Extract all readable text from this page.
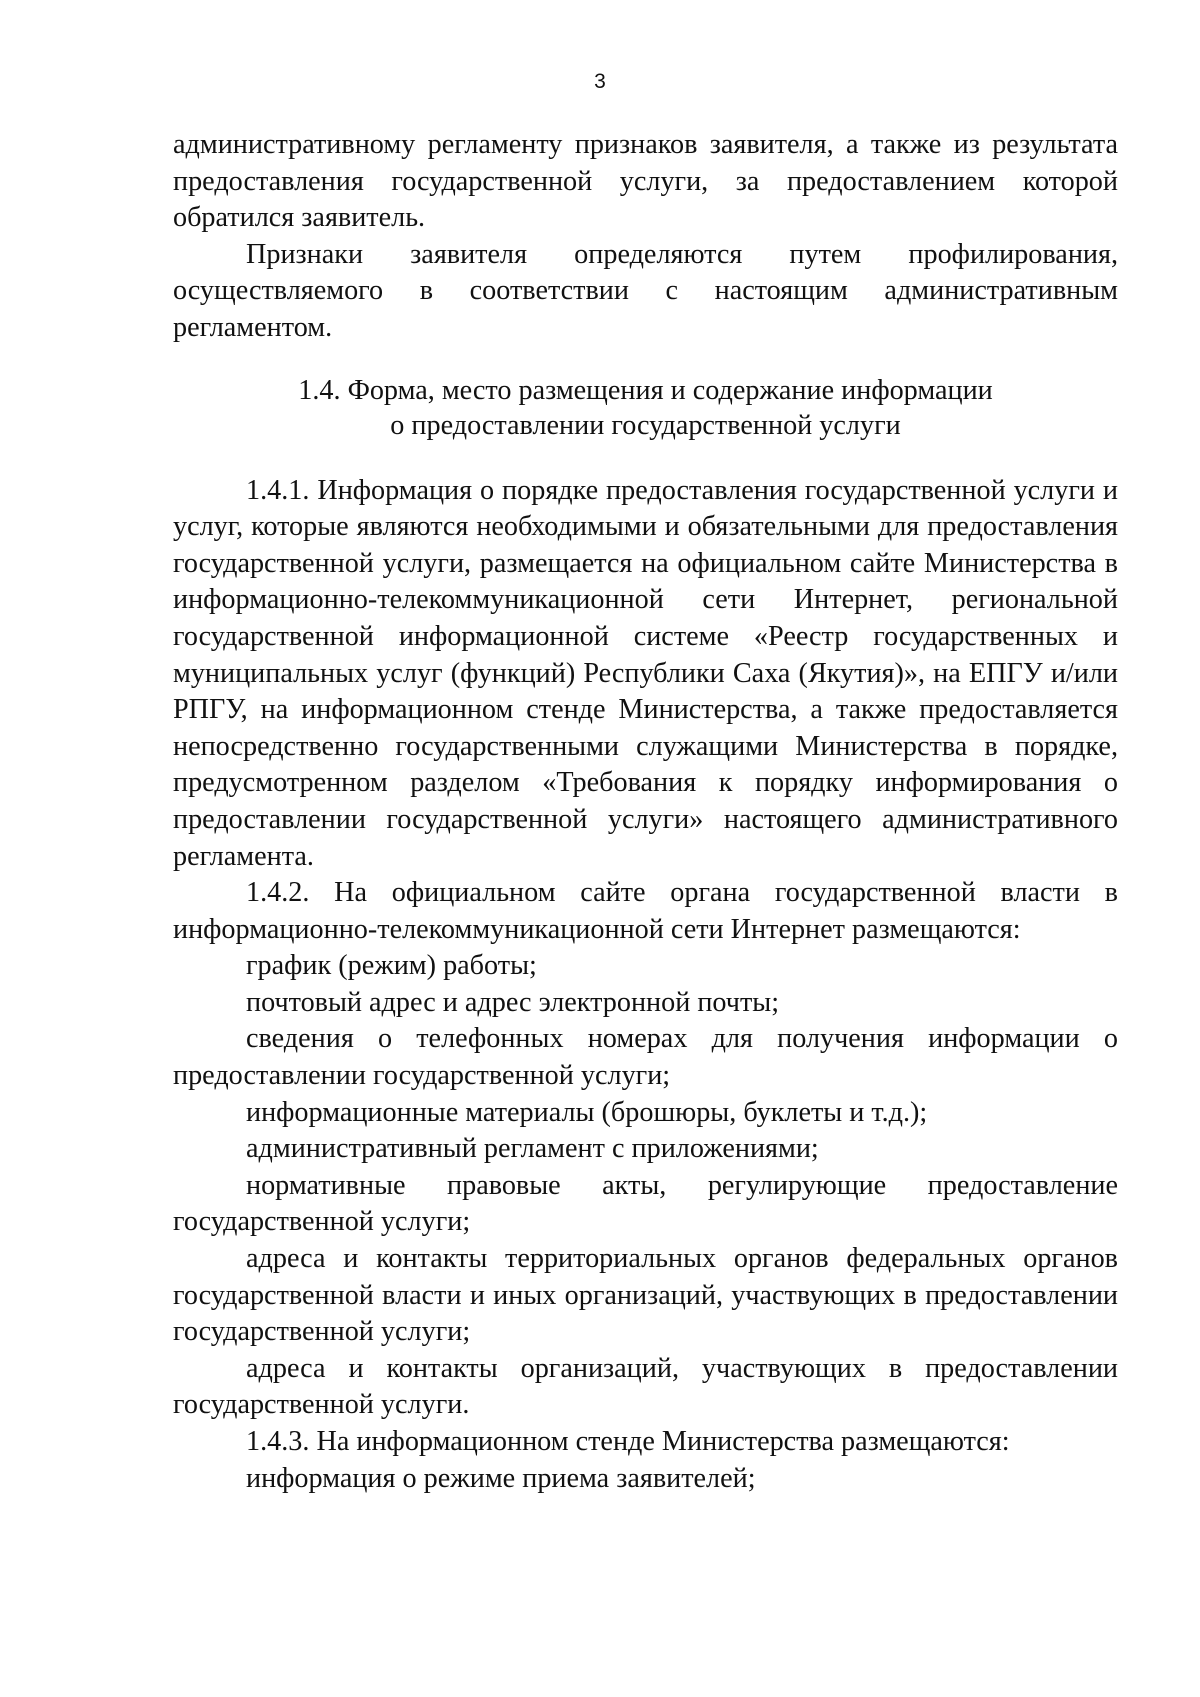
3

административному регламенту признаков заявителя, а также из результата предоставления государственной услуги, за предоставлением которой обратился заявитель.

Признаки заявителя определяются путем профилирования, осуществляемого в соответствии с настоящим административным регламентом.

1.4. Форма, место размещения и содержание информации
о предоставлении государственной услуги

1.4.1. Информация о порядке предоставления государственной услуги и услуг, которые являются необходимыми и обязательными для предоставления государственной услуги, размещается на официальном сайте Министерства в информационно-телекоммуникационной сети Интернет, региональной государственной информационной системе «Реестр государственных и муниципальных услуг (функций) Республики Саха (Якутия)», на ЕПГУ и/или РПГУ, на информационном стенде Министерства, а также предоставляется непосредственно государственными служащими Министерства в порядке, предусмотренном разделом «Требования к порядку информирования о предоставлении государственной услуги» настоящего административного регламента.

1.4.2. На официальном сайте органа государственной власти в информационно-телекоммуникационной сети Интернет размещаются:

график (режим) работы;

почтовый адрес и адрес электронной почты;

сведения о телефонных номерах для получения информации о предоставлении государственной услуги;

информационные материалы (брошюры, буклеты и т.д.);

административный регламент с приложениями;

нормативные правовые акты, регулирующие предоставление государственной услуги;

адреса и контакты территориальных органов федеральных органов государственной власти и иных организаций, участвующих в предоставлении государственной услуги;

адреса и контакты организаций, участвующих в предоставлении государственной услуги.

1.4.3. На информационном стенде Министерства размещаются:

информация о режиме приема заявителей;
